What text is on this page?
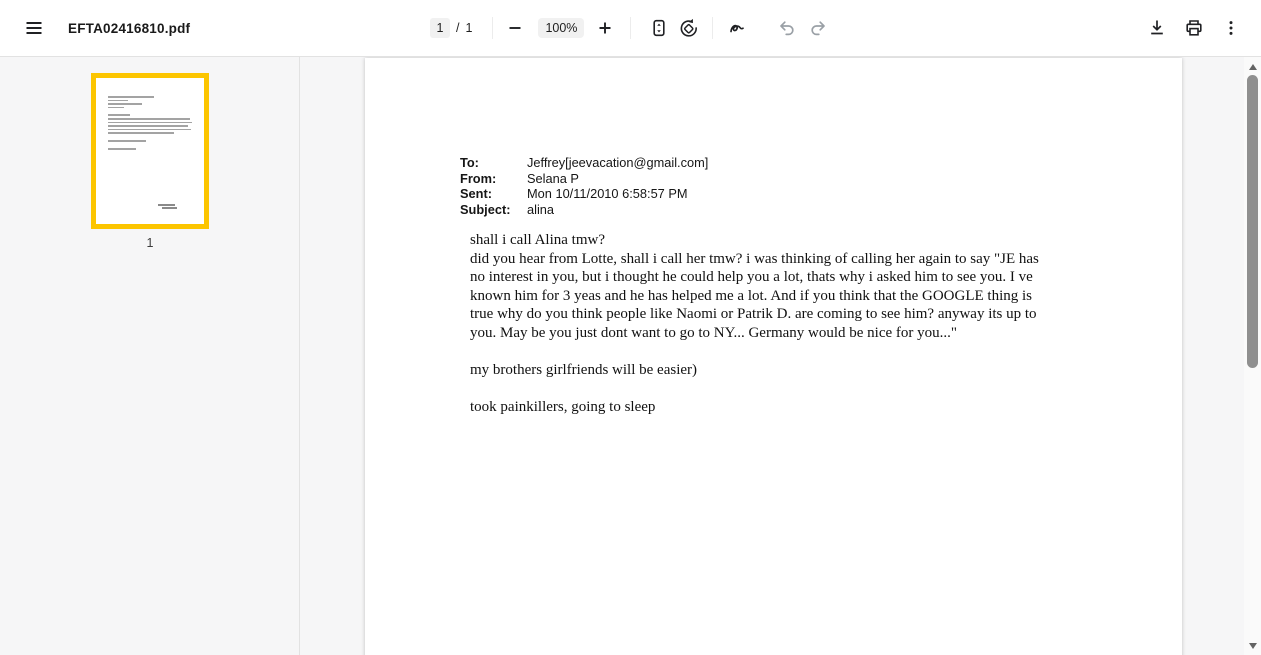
EFTA02416810.pdf	1	/ 1	100%
1
To:	Jeffrey[jeevacation@gmail.com]
From:	Selana P
Sent:	Mon 10/11/2010 6:58:57 PM
Subject:	alina
shall i call Alina tmw?
did you hear from Lotte, shall i call her tmw? i was thinking of calling her again to say "JE has
no interest in you, but i thought he could help you a lot, thats why i asked him to see you. I ve
known him for 3 yeas and he has helped me a lot. And if you think that the GOOGLE thing is
true why do you think people like Naomi or Patrik D. are coming to see him? anyway its up to
you. May be you just dont want to go to NY... Germany would be nice for you..."
my brothers girlfriends will be easier)
took painkillers, going to sleep
